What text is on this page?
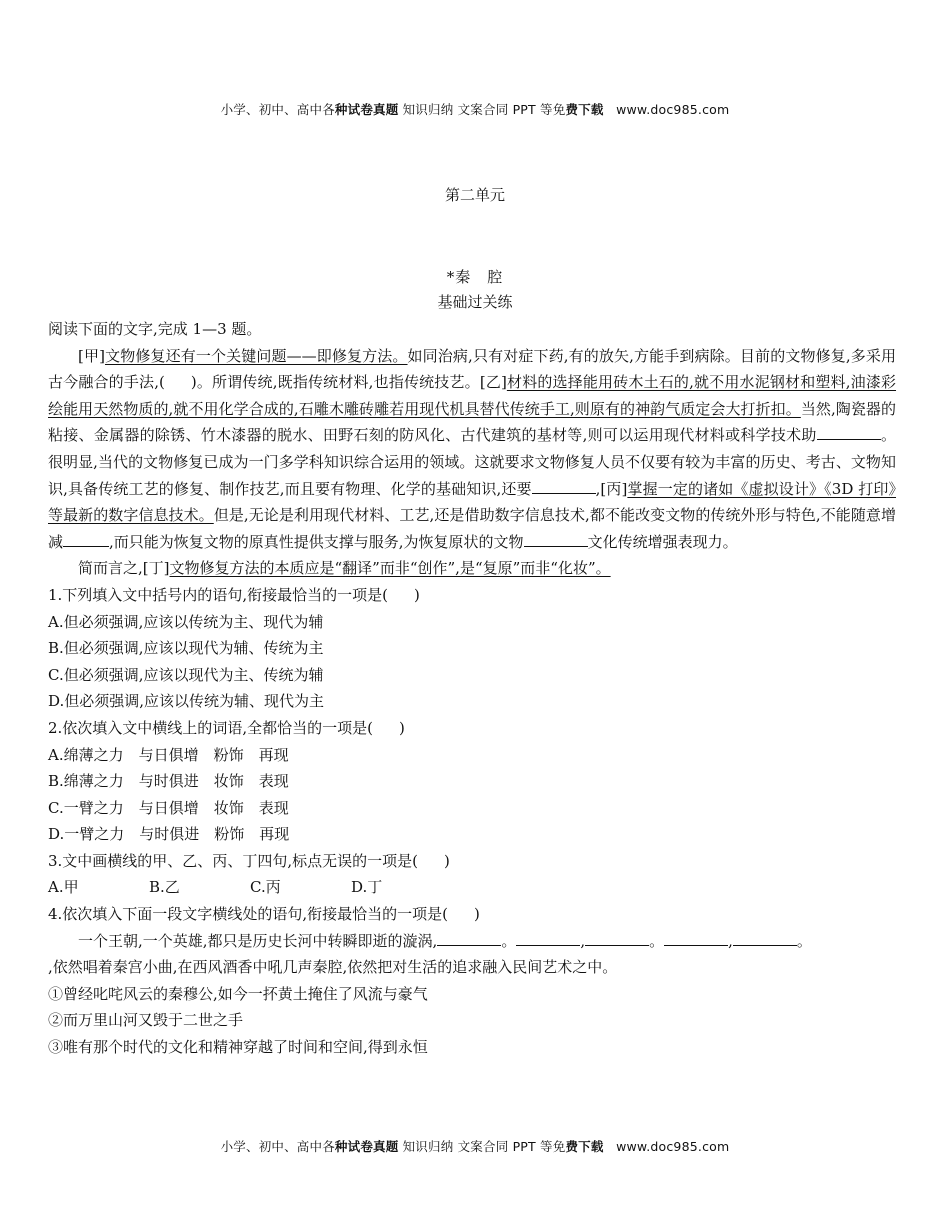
小学、初中、高中各种试卷真题 知识归纳 文案合同 PPT 等免费下载   www.doc985.com
第二单元
*秦　腔
基础过关练

阅读下面的文字,完成 1—3 题。

[甲]文物修复还有一个关键问题——即修复方法。如同治病,只有对症下药,有的放矢,方能手到病除。目前的文物修复,多采用古今融合的手法,( )。所谓传统,既指传统材料,也指传统技艺。[乙]材料的选择能用砖木土石的,就不用水泥钢材和塑料,油漆彩绘能用天然物质的,就不用化学合成的,石雕木雕砖雕若用现代机具替代传统手工,则原有的神韵气质定会大打折扣。当然,陶瓷器的粘接、金属器的除锈、竹木漆器的脱水、田野石刻的防风化、古代建筑的基材等,则可以运用现代材料或科学技术助	。很明显,当代的文物修复已成为一门多学科知识综合运用的领域。这就要求文物修复人员不仅要有较为丰富的历史、考古、文物知识,具备传统工艺的修复、制作技艺,而且要有物理、化学的基础知识,还要	,[丙]掌握一定的诸如《虚拟设计》《3D 打印》等最新的数字信息技术。但是,无论是利用现代材料、工艺,还是借助数字信息技术,都不能改变文物的传统外形与特色,不能随意增减	,而只能为恢复文物的原真性提供支撑与服务,为恢复原状的文物	文化传统增强表现力。

简而言之,[丁]文物修复方法的本质应是“翻译”而非“创作”,是“复原”而非“化妆”。

1.下列填入文中括号内的语句,衔接最恰当的一项是( )

A.但必须强调,应该以传统为主、现代为辅

B.但必须强调,应该以现代为辅、传统为主

C.但必须强调,应该以现代为主、传统为辅

D.但必须强调,应该以传统为辅、现代为主

2.依次填入文中横线上的词语,全都恰当的一项是( )

A.绵薄之力　与日俱增　粉饰　再现

B.绵薄之力　与时俱进　妆饰　表现

C.一臂之力　与日俱增　妆饰　表现

D.一臂之力　与时俱进　粉饰　再现

3.文中画横线的甲、乙、丙、丁四句,标点无误的一项是( )

A.甲	B.乙	C.丙	D.丁

4.依次填入下面一段文字横线处的语句,衔接最恰当的一项是( )

一个王朝,一个英雄,都只是历史长河中转瞬即逝的漩涡,	。	,	。	,	。
,依然唱着秦宫小曲,在西风酒香中吼几声秦腔,依然把对生活的追求融入民间艺术之中。

①曾经叱咤风云的秦穆公,如今一抔黄土掩住了风流与豪气

②而万里山河又毁于二世之手

③唯有那个时代的文化和精神穿越了时间和空间,得到永恒

小学、初中、高中各种试卷真题 知识归纳 文案合同 PPT 等免费下载   www.doc985.com
